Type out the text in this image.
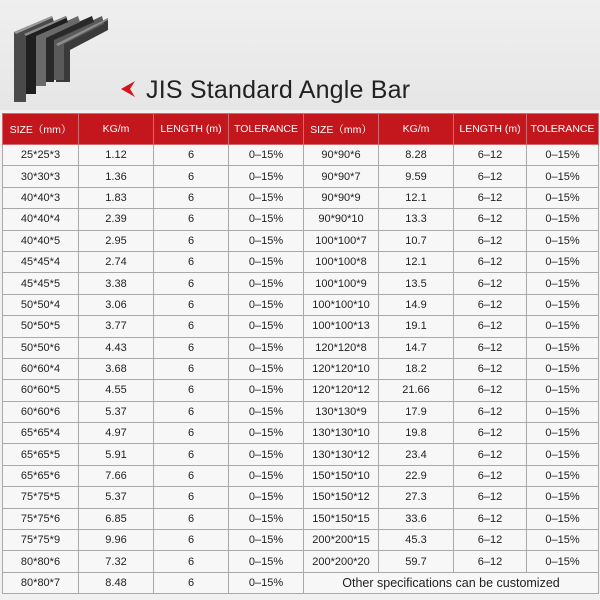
JIS Standard Angle Bar
SIZE（mm）	KG/m	LENGTH (m)	TOLERANCE	SIZE（mm）	KG/m	LENGTH (m)	TOLERANCE
25*25*3	1.12	6	0–15%	90*90*6	8.28	6–12	0–15%
30*30*3	1.36	6	0–15%	90*90*7	9.59	6–12	0–15%
40*40*3	1.83	6	0–15%	90*90*9	12.1	6–12	0–15%
40*40*4	2.39	6	0–15%	90*90*10	13.3	6–12	0–15%
40*40*5	2.95	6	0–15%	100*100*7	10.7	6–12	0–15%
45*45*4	2.74	6	0–15%	100*100*8	12.1	6–12	0–15%
45*45*5	3.38	6	0–15%	100*100*9	13.5	6–12	0–15%
50*50*4	3.06	6	0–15%	100*100*10	14.9	6–12	0–15%
50*50*5	3.77	6	0–15%	100*100*13	19.1	6–12	0–15%
50*50*6	4.43	6	0–15%	120*120*8	14.7	6–12	0–15%
60*60*4	3.68	6	0–15%	120*120*10	18.2	6–12	0–15%
60*60*5	4.55	6	0–15%	120*120*12	21.66	6–12	0–15%
60*60*6	5.37	6	0–15%	130*130*9	17.9	6–12	0–15%
65*65*4	4.97	6	0–15%	130*130*10	19.8	6–12	0–15%
65*65*5	5.91	6	0–15%	130*130*12	23.4	6–12	0–15%
65*65*6	7.66	6	0–15%	150*150*10	22.9	6–12	0–15%
75*75*5	5.37	6	0–15%	150*150*12	27.3	6–12	0–15%
75*75*6	6.85	6	0–15%	150*150*15	33.6	6–12	0–15%
75*75*9	9.96	6	0–15%	200*200*15	45.3	6–12	0–15%
80*80*6	7.32	6	0–15%	200*200*20	59.7	6–12	0–15%
80*80*7	8.48	6	0–15%	Other specifications can be customized			
